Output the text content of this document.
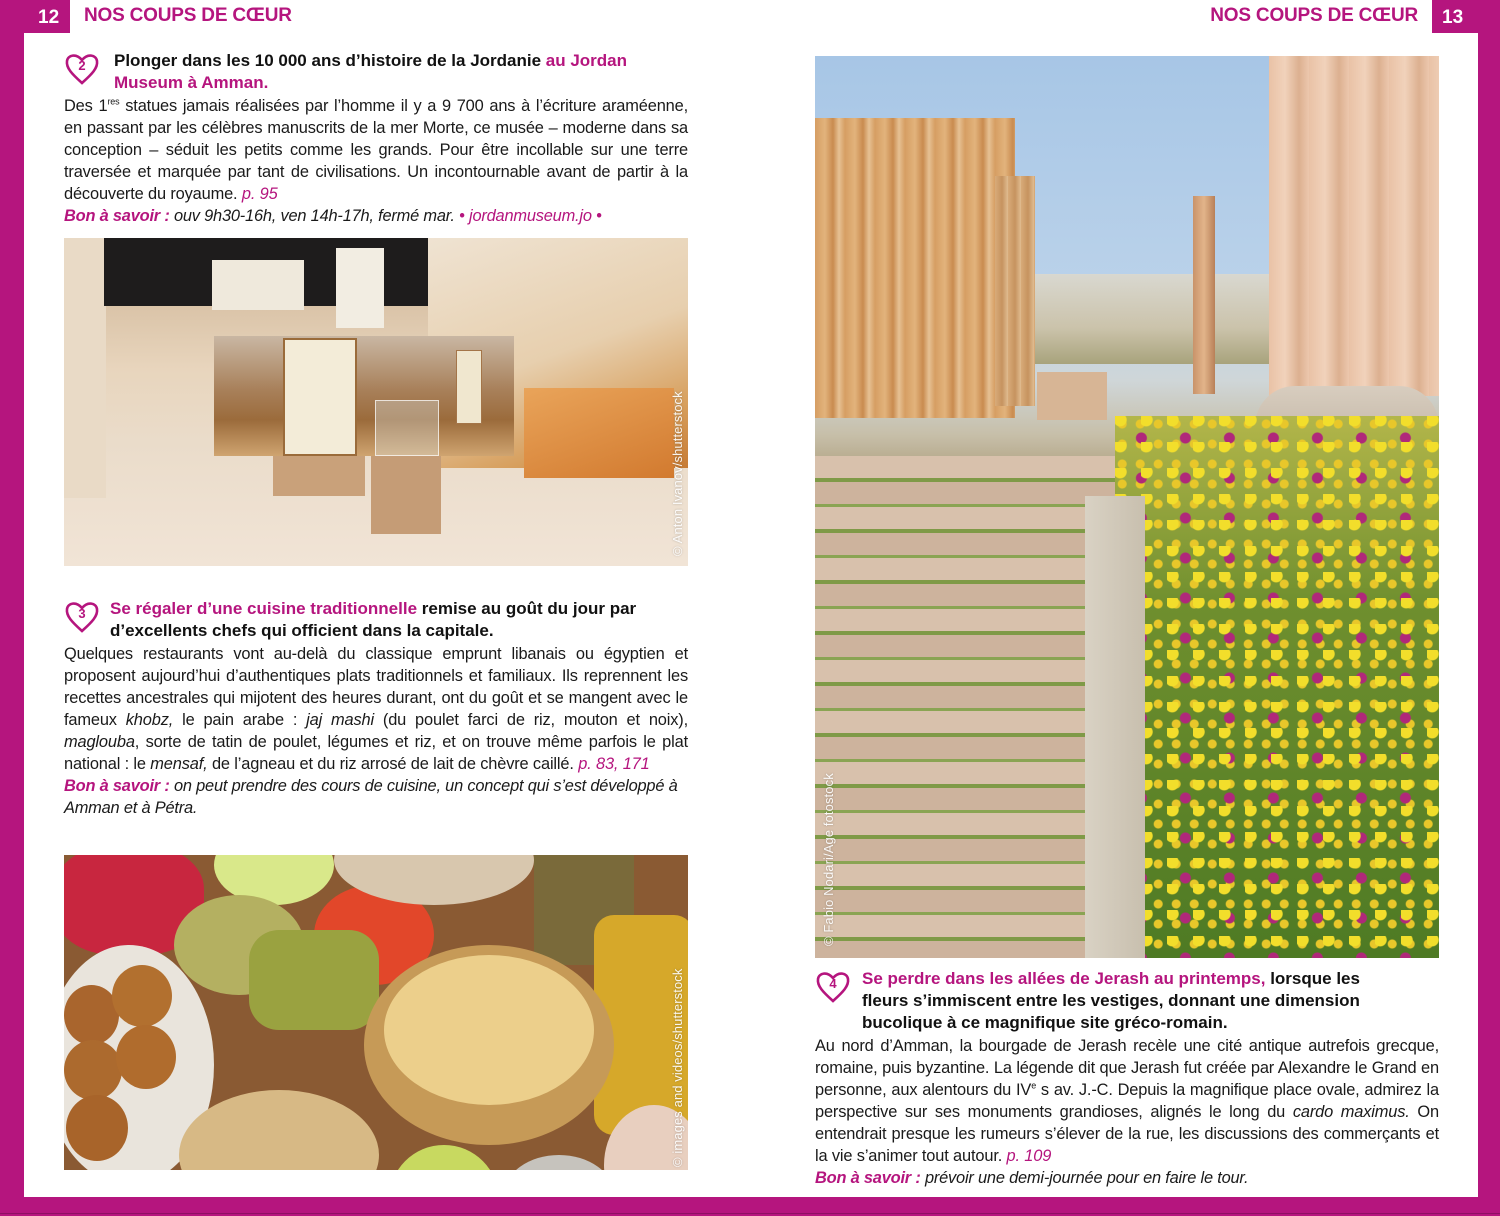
12	NOS COUPS DE CŒUR	NOS COUPS DE CŒUR	13
2	Plonger dans les 10 000 ans d’histoire de la Jordanie au Jordan Museum à Amman.

Des 1res statues jamais réalisées par l’homme il y a 9 700 ans à l’écriture araméenne, en passant par les célèbres manuscrits de la mer Morte, ce musée – moderne dans sa conception – séduit les petits comme les grands. Pour être incollable sur une terre traversée et marquée par tant de civilisations. Un incontournable avant de partir à la découverte du royaume. p. 95

Bon à savoir : ouv 9h30-16h, ven 14h-17h, fermé mar. • jordanmuseum.jo •

© Anton Ivanov/shutterstock
3	Se régaler d’une cuisine traditionnelle remise au goût du jour par d’excellents chefs qui officient dans la capitale.

Quelques restaurants vont au-delà du classique emprunt libanais ou égyptien et proposent aujourd’hui d’authentiques plats traditionnels et familiaux. Ils reprennent les recettes ancestrales qui mijotent des heures durant, ont du goût et se mangent avec le fameux khobz, le pain arabe : jaj mashi (du poulet farci de riz, mouton et noix), maglouba, sorte de tatin de poulet, légumes et riz, et on trouve même parfois le plat national : le mensaf, de l’agneau et du riz arrosé de lait de chèvre caillé. p. 83, 171

Bon à savoir : on peut prendre des cours de cuisine, un concept qui s’est développé à Amman et à Pétra.

© images and videos/shutterstock
© Fabio Nodari/Age fotostock
4	Se perdre dans les allées de Jerash au printemps, lorsque les fleurs s’immiscent entre les vestiges, donnant une dimension bucolique à ce magnifique site gréco-romain.

Au nord d’Amman, la bourgade de Jerash recèle une cité antique autrefois grecque, romaine, puis byzantine. La légende dit que Jerash fut créée par Alexandre le Grand en personne, aux alentours du IVe s av. J.-C. Depuis la magnifique place ovale, admirez la perspective sur ses monuments grandioses, alignés le long du cardo maximus. On entendrait presque les rumeurs s’élever de la rue, les discussions des commerçants et la vie s’animer tout autour. p. 109

Bon à savoir : prévoir une demi-journée pour en faire le tour.
